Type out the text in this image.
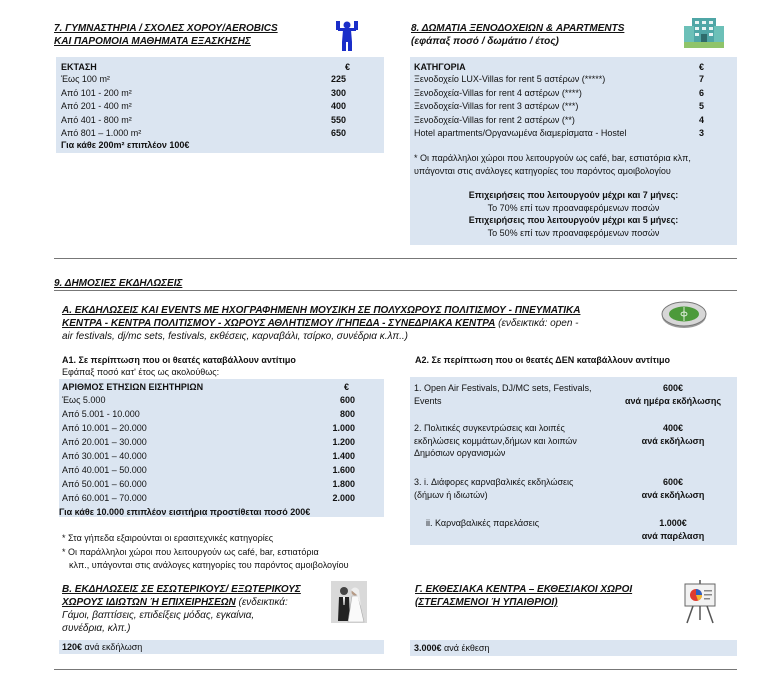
7. ΓΥΜΝΑΣΤΗΡΙΑ / ΣΧΟΛΕΣ ΧΟΡΟΥ/AEROBICS
ΚΑΙ ΠΑΡΟΜΟΙΑ ΜΑΘΗΜΑΤΑ ΕΞΑΣΚΗΣΗΣ
ΕΚΤΑΣΗ	€
Έως 100 m²	225
Από 101 - 200 m²	300
Από 201 - 400 m²	400
Από 401 - 800 m²	550
Από 801 – 1.000 m²	650
Για κάθε 200m² επιπλέον 100€
8. ΔΩΜΑΤΙΑ ΞΕΝΟΔΟΧΕΙΩΝ & APARTMENTS
(εφάπαξ ποσό / δωμάτιο / έτος)
ΚΑΤΗΓΟΡΙΑ	€
Ξενοδοχείο LUX-Villas for rent 5 αστέρων (*****)	7
Ξενοδοχεία-Villas for rent 4 αστέρων (****)	6
Ξενοδοχεία-Villas for rent 3 αστέρων (***)	5
Ξενοδοχεία-Villas for rent 2 αστέρων (**)	4
Hotel apartments/Οργανωμένα διαμερίσματα - Hostel	3
* Οι παράλληλοι χώροι που λειτουργούν ως café, bar, εστιατόρια κλπ,
υπάγονται στις ανάλογες κατηγορίες του παρόντος αμοιβολογίου
Επιχειρήσεις που λειτουργούν μέχρι και 7 μήνες:
Το 70% επί των προαναφερόμενων ποσών
Επιχειρήσεις που λειτουργούν μέχρι και 5 μήνες:
Το 50% επί των προαναφερόμενων ποσών
9. ΔΗΜΟΣΙΕΣ ΕΚΔΗΛΩΣΕΙΣ
Α. ΕΚΔΗΛΩΣΕΙΣ ΚΑΙ EVENTS ΜΕ ΗΧΟΓΡΑΦΗΜΕΝΗ ΜΟΥΣΙΚΗ ΣΕ ΠΟΛΥΧΩΡΟΥΣ ΠΟΛΙΤΙΣΜΟΥ - ΠΝΕΥΜΑΤΙΚΑ
ΚΕΝΤΡΑ - ΚΕΝΤΡΑ ΠΟΛΙΤΙΣΜΟΥ - ΧΩΡΟΥΣ ΑΘΛΗΤΙΣΜΟΥ /ΓΗΠΕΔΑ - ΣΥΝΕΔΡΙΑΚΑ ΚΕΝΤΡΑ (ενδεικτικά: open -
air festivals, dj/mc sets, festivals, εκθέσεις, καρναβάλι, τσίρκο, συνέδρια κ.λπ..)
Α1. Σε περίπτωση που οι θεατές καταβάλλουν αντίτιμο
Εφάπαξ ποσό κατ' έτος ως ακολούθως:
ΑΡΙΘΜΟΣ ΕΤΗΣΙΩΝ ΕΙΣΗΤΗΡΙΩΝ	€
Έως 5.000	600
Από 5.001 - 10.000	800
Από 10.001 – 20.000	1.000
Από 20.001 – 30.000	1.200
Από 30.001 – 40.000	1.400
Από 40.001 – 50.000	1.600
Από 50.001 – 60.000	1.800
Από 60.001 – 70.000	2.000
Για κάθε 10.000 επιπλέον εισιτήρια προστίθεται ποσό 200€
* Στα γήπεδα εξαιρούνται οι ερασιτεχνικές κατηγορίες
* Οι παράλληλοι χώροι που λειτουργούν ως café, bar, εστιατόρια
κλπ., υπάγονται στις ανάλογες κατηγορίες του παρόντος αμοιβολογίου
Α2. Σε περίπτωση που οι θεατές ΔΕΝ καταβάλλουν αντίτιμο
1. Open Air Festivals, DJ/MC sets, Festivals,
Events
600€
ανά ημέρα εκδήλωσης
2. Πολιτικές συγκεντρώσεις και λοιπές
εκδηλώσεις κομμάτων,δήμων και λοιπών
Δημόσιων οργανισμών
400€
ανά εκδήλωση
3. i. Διάφορες καρναβαλικές εκδηλώσεις
(δήμων ή ιδιωτών)
600€
ανά εκδήλωση
ii. Καρναβαλικές παρελάσεις	1.000€
ανά παρέλαση
Β. ΕΚΔΗΛΩΣΕΙΣ ΣΕ ΕΣΩΤΕΡΙΚΟΥΣ/ ΕΞΩΤΕΡΙΚΟΥΣ
ΧΩΡΟΥΣ ΙΔΙΩΤΩΝ Ή ΕΠΙΧΕΙΡΗΣΕΩΝ (ενδεικτικά:
Γάμοι, βαπτίσεις, επιδείξεις μόδας, εγκαίνια,
συνέδρια, κλπ.)
120€ ανά εκδήλωση
Γ. ΕΚΘΕΣΙΑΚΑ ΚΕΝΤΡΑ – ΕΚΘΕΣΙΑΚΟΙ ΧΩΡΟΙ
(ΣΤΕΓΑΣΜΕΝΟΙ Ή ΥΠΑΙΘΡΙΟΙ)
3.000€ ανά έκθεση
